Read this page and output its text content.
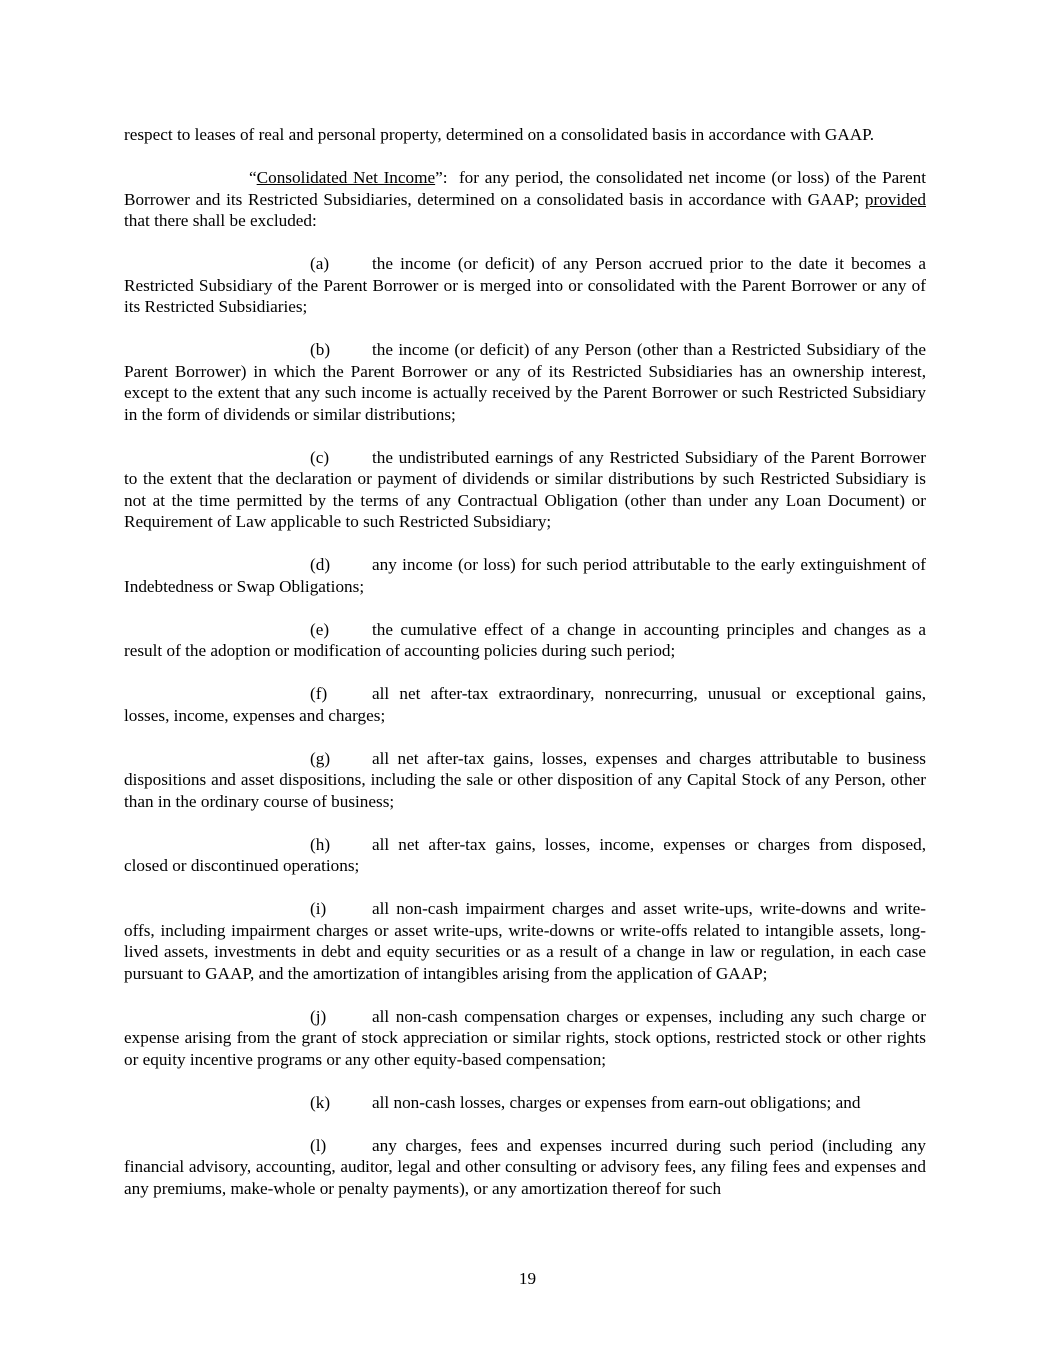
respect to leases of real and personal property, determined on a consolidated basis in accordance with GAAP.

“Consolidated Net Income”:  for any period, the consolidated net income (or loss) of the Parent Borrower and its Restricted Subsidiaries, determined on a consolidated basis in accordance with GAAP; provided that there shall be excluded:

(a) the income (or deficit) of any Person accrued prior to the date it becomes a Restricted Subsidiary of the Parent Borrower or is merged into or consolidated with the Parent Borrower or any of its Restricted Subsidiaries;

(b) the income (or deficit) of any Person (other than a Restricted Subsidiary of the Parent Borrower) in which the Parent Borrower or any of its Restricted Subsidiaries has an ownership interest, except to the extent that any such income is actually received by the Parent Borrower or such Restricted Subsidiary in the form of dividends or similar distributions;

(c) the undistributed earnings of any Restricted Subsidiary of the Parent Borrower to the extent that the declaration or payment of dividends or similar distributions by such Restricted Subsidiary is not at the time permitted by the terms of any Contractual Obligation (other than under any Loan Document) or Requirement of Law applicable to such Restricted Subsidiary;

(d) any income (or loss) for such period attributable to the early extinguishment of Indebtedness or Swap Obligations;

(e) the cumulative effect of a change in accounting principles and changes as a result of the adoption or modification of accounting policies during such period;

(f)	all net after-tax extraordinary, nonrecurring, unusual or exceptional gains, losses, income, expenses and charges;

(g) all net after-tax gains, losses, expenses and charges attributable to business dispositions and asset dispositions, including the sale or other disposition of any Capital Stock of any Person, other than in the ordinary course of business;

(h) all net after-tax gains, losses, income, expenses or charges from disposed, closed or discontinued operations;

(i)	all non-cash impairment charges and asset write-ups, write-downs and write-offs, including impairment charges or asset write-ups, write-downs or write-offs related to intangible assets, long-lived assets, investments in debt and equity securities or as a result of a change in law or regulation, in each case pursuant to GAAP, and the amortization of intangibles arising from the application of GAAP;

(j)	all non-cash compensation charges or expenses, including any such charge or expense arising from the grant of stock appreciation or similar rights, stock options, restricted stock or other rights or equity incentive programs or any other equity-based compensation;

(k) all non-cash losses, charges or expenses from earn-out obligations; and

(l)	any charges, fees and expenses incurred during such period (including any financial advisory, accounting, auditor, legal and other consulting or advisory fees, any filing fees and expenses and any premiums, make-whole or penalty payments), or any amortization thereof for such

19
